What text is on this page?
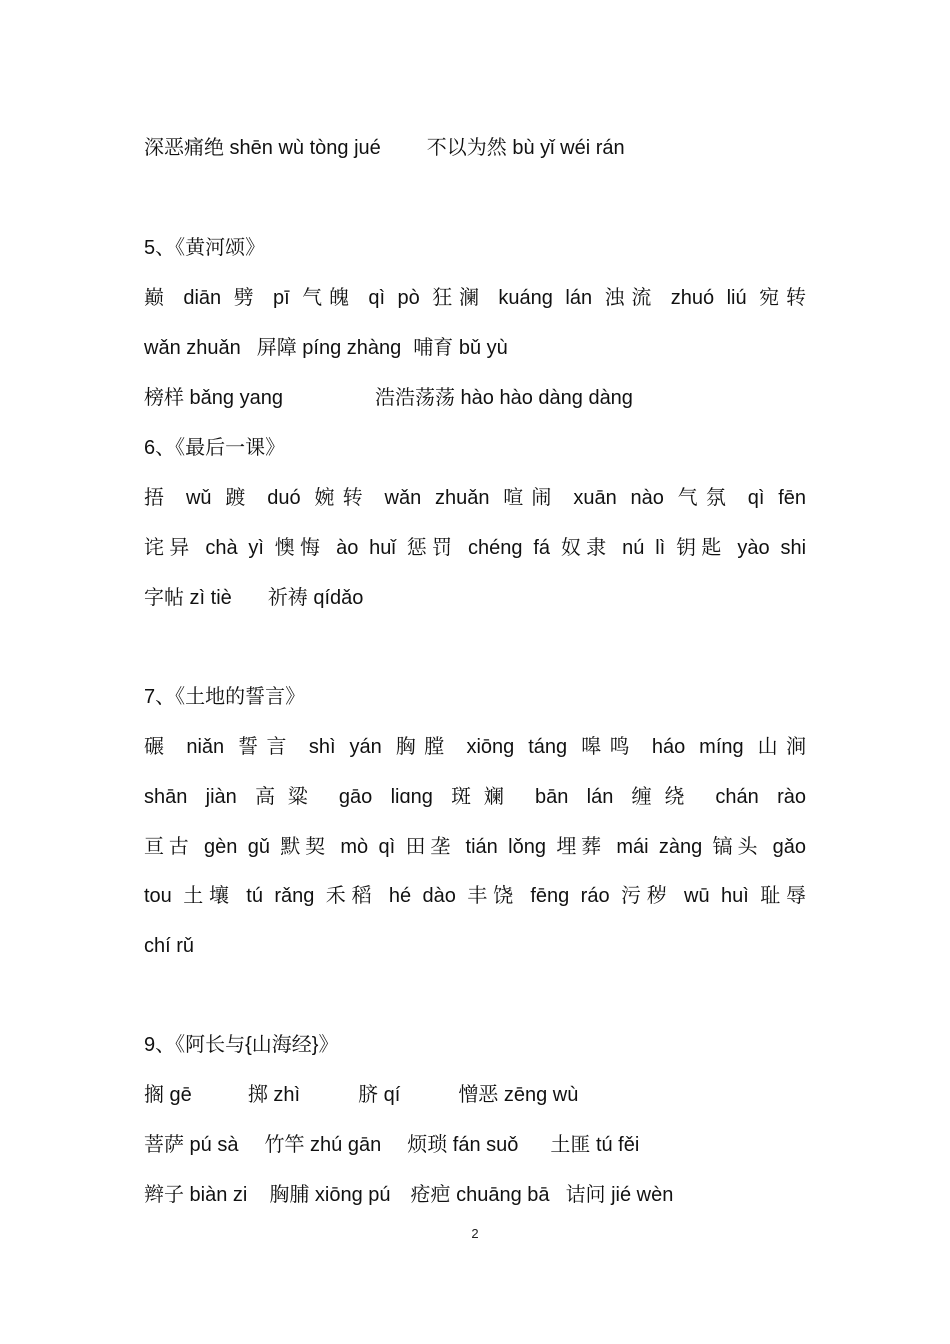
深恶痛绝 shēn wù tòng jué 不以为然 bù yǐ wéi rán
5、《黄河颂》
巅 diān 劈 pī 气魄 qì pò 狂澜 kuáng lán 浊流 zhuó liú 宛转
wǎn zhuǎn 屏障 píng zhàng 哺育 bǔ yù
榜样 bǎng yang	浩浩荡荡 hào hào dàng dàng
6、《最后一课》
捂 wǔ 踱 duó 婉转 wǎn zhuǎn 喧闹 xuān nào 气氛 qì fēn
诧异 chà yì 懊悔 ào huǐ 惩罚 chéng fá 奴隶 nú lì 钥匙 yào shi
字帖 zì tiè 祈祷 qídǎo
7、《土地的誓言》
碾 niǎn 誓言 shì yán 胸膛 xiōng táng 嗥鸣 háo míng 山涧
shān jiàn 高粱 gāo liɑng 斑斓 bān lán 缠绕 chán rào
亘古 gèn gǔ 默契 mò qì 田垄 tián lǒng 埋葬 mái zàng 镐头 gǎo
tou 土壤 tú rǎng 禾稻 hé dào 丰饶 fēng ráo 污秽 wū huì 耻辱
chí rǔ
9、《阿长与{山海经}》
搁 gē	掷 zhì	脐 qí	憎恶 zēng wù
菩萨 pú sà 竹竿 zhú gān 烦琐 fán suǒ 土匪 tú fěi
辫子 biàn zi 胸脯 xiōng pú 疮疤 chuāng bā 诘问 jié wèn
2
